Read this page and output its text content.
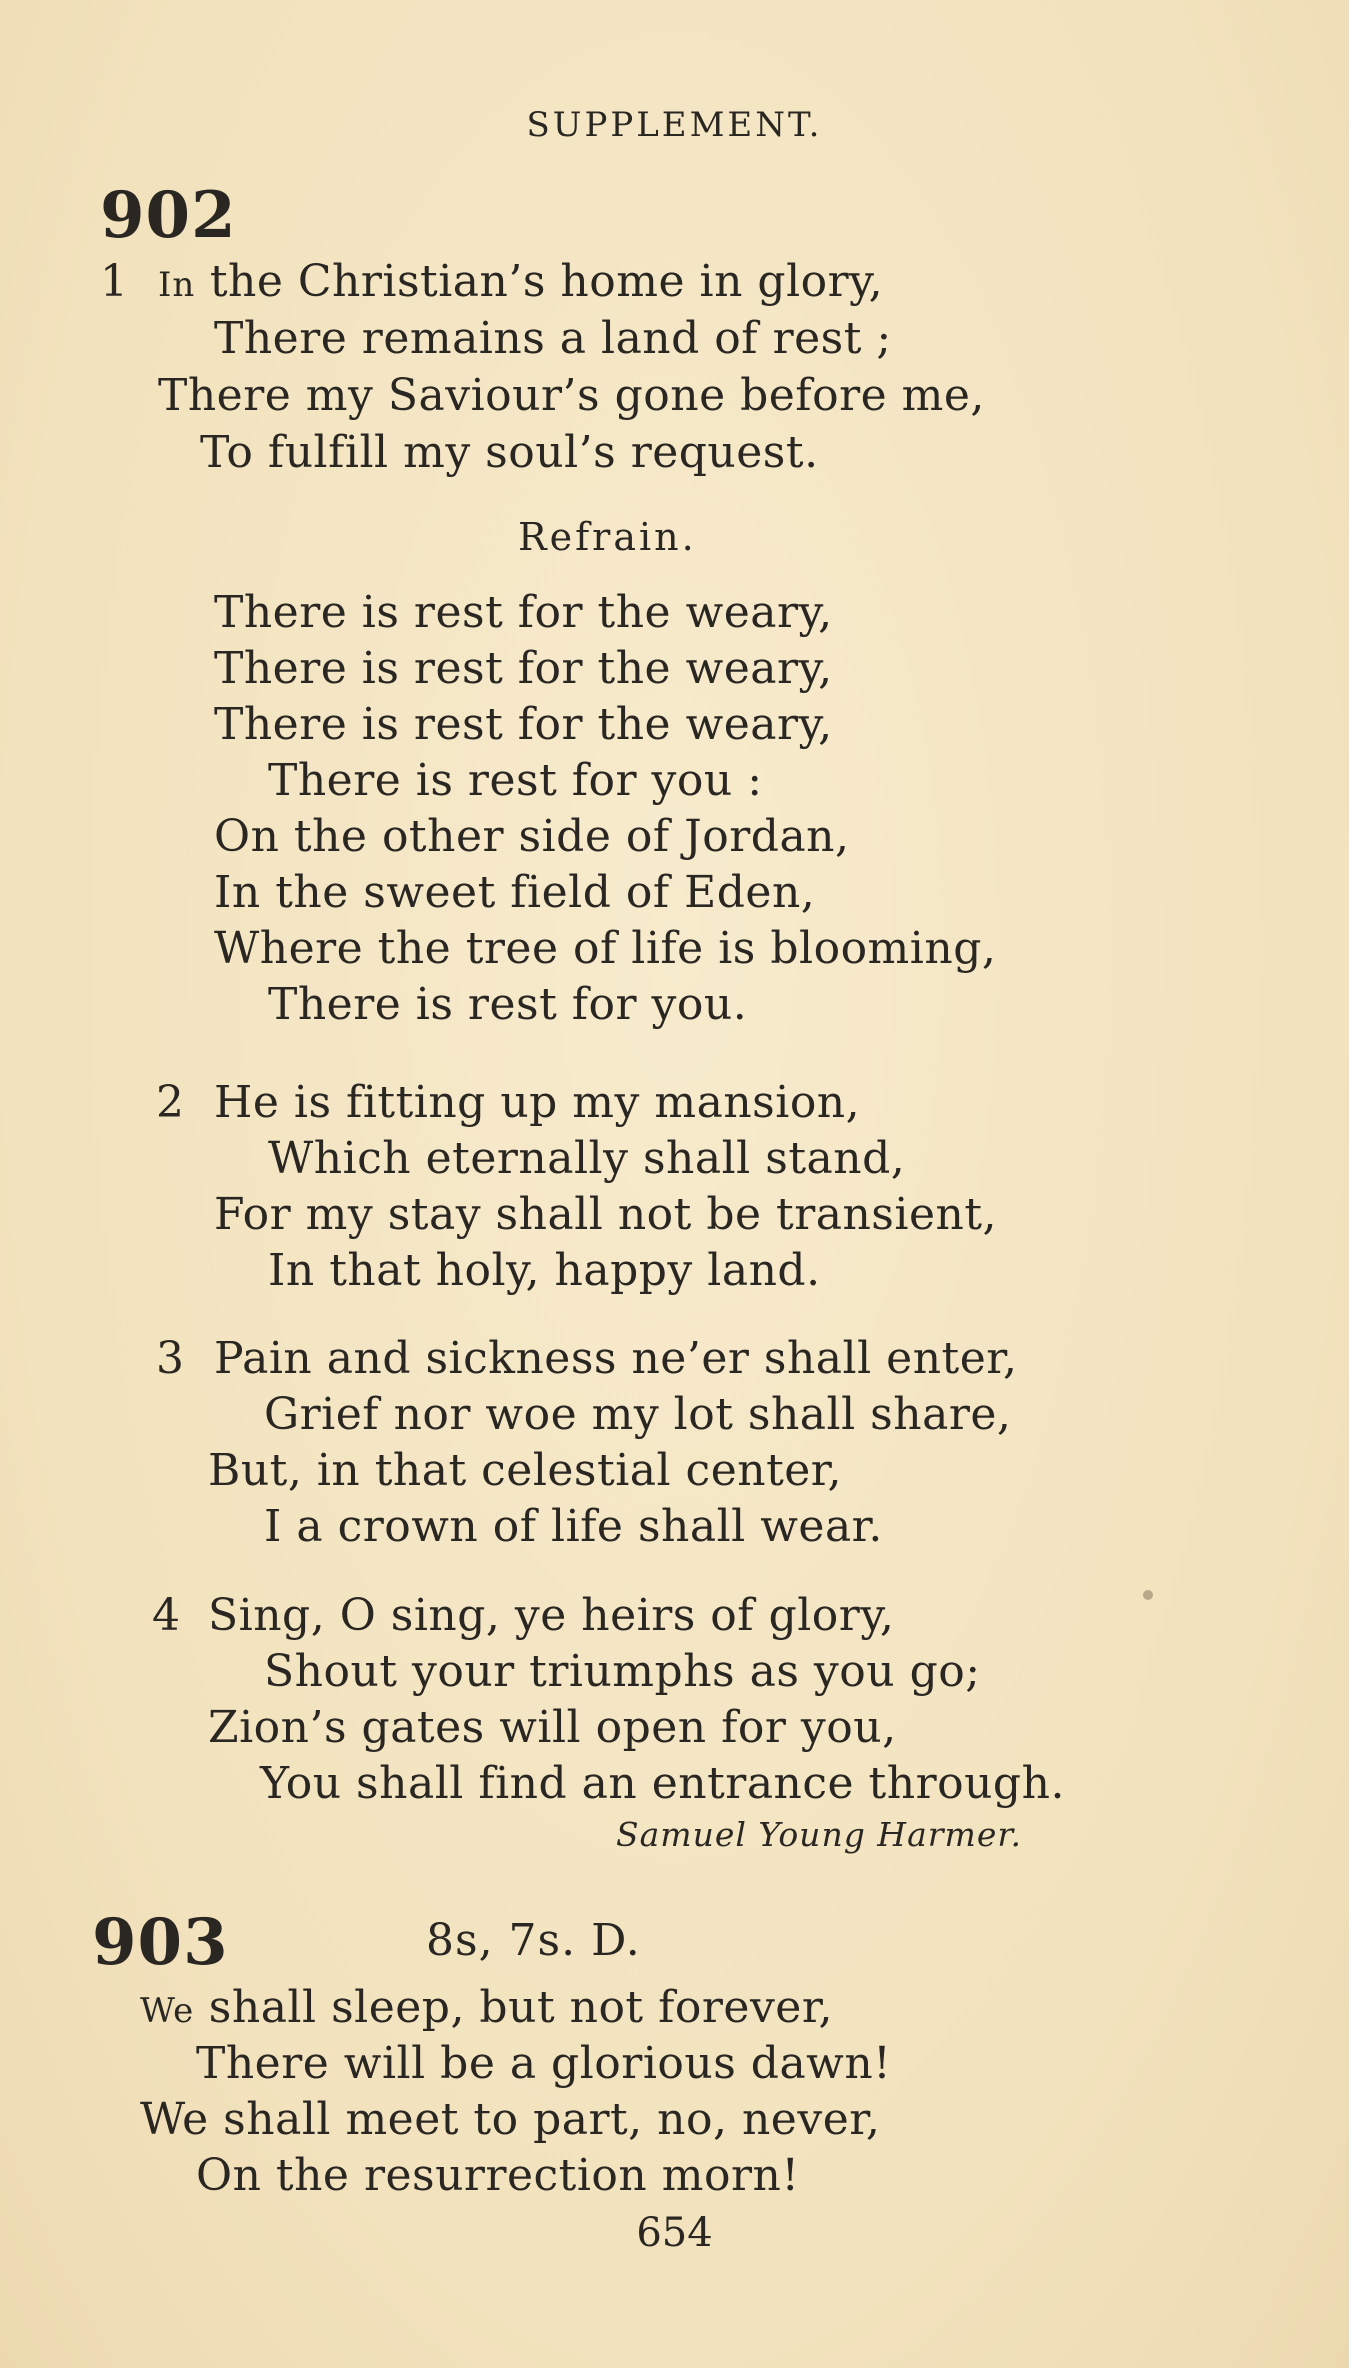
SUPPLEMENT.
902
1 In the Christian’s home in glory,
There remains a land of rest ;
There my Saviour’s gone before me,
To fulfill my soul’s request.
Refrain.
There is rest for the weary,
There is rest for the weary,
There is rest for the weary,
There is rest for you :
On the other side of Jordan,
In the sweet field of Eden,
Where the tree of life is blooming,
There is rest for you.
2 He is fitting up my mansion,
Which eternally shall stand,
For my stay shall not be transient,
In that holy, happy land.
3 Pain and sickness ne’er shall enter,
Grief nor woe my lot shall share,
But, in that celestial center,
I a crown of life shall wear.
4 Sing, O sing, ye heirs of glory,
Shout your triumphs as you go;
Zion’s gates will open for you,
You shall find an entrance through.
Samuel Young Harmer.
903	8s, 7s. D.
We shall sleep, but not forever,
There will be a glorious dawn!
We shall meet to part, no, never,
On the resurrection morn!
654
